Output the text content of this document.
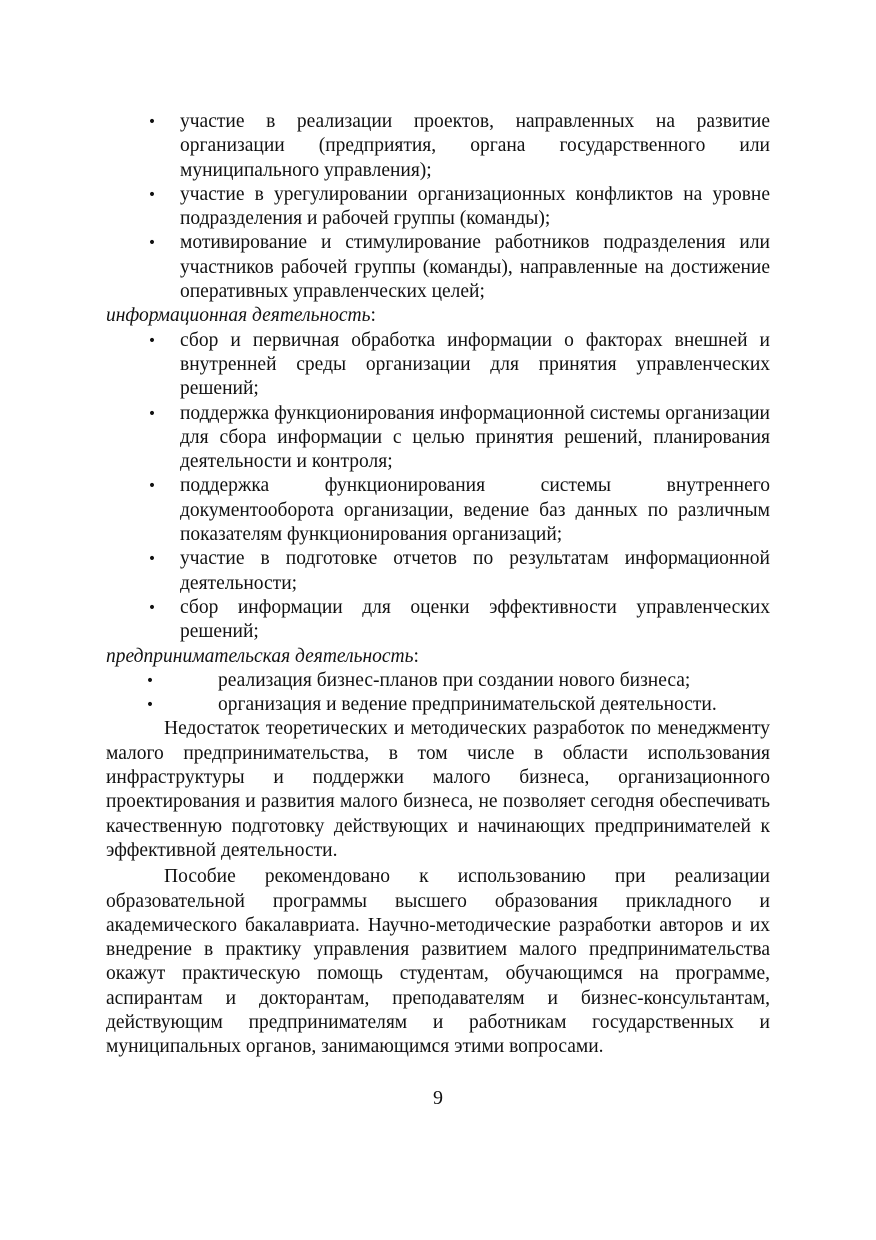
•	участие в реализации проектов, направленных на развитие организации (предприятия, органа государственного или муниципального управления);
•	участие в урегулировании организационных конфликтов на уровне подразделения и рабочей группы (команды);
•	мотивирование и стимулирование работников подразделения или участников рабочей группы (команды), направленные на достижение оперативных управленческих целей;

информационная деятельность:

•	сбор и первичная обработка информации о факторах внешней и внутренней среды организации для принятия управленческих решений;
•	поддержка функционирования информационной системы организации для сбора информации с целью принятия решений, планирования деятельности и контроля;
•	поддержка функционирования системы внутреннего документооборота организации, ведение баз данных по различным показателям функционирования организаций;
•	участие в подготовке отчетов по результатам информационной деятельности;
•	сбор информации для оценки эффективности управленческих решений;

предпринимательская деятельность:

•	реализация бизнес-планов при создании нового бизнеса;
•	организация и ведение предпринимательской деятельности.

Недостаток теоретических и методических разработок по менеджменту малого предпринимательства, в том числе в области использования инфраструктуры и поддержки малого бизнеса, организационного проектирования и развития малого бизнеса, не позволяет сегодня обеспечивать качественную подготовку действующих и начинающих предпринимателей к эффективной деятельности.

Пособие рекомендовано к использованию при реализации образовательной программы высшего образования прикладного и академического бакалавриата. Научно-методические разработки авторов и их внедрение в практику управления развитием малого предпринимательства окажут практическую помощь студентам, обучающимся на программе, аспирантам и докторантам, преподавателям и бизнес-консультантам, действующим предпринимателям и работникам государственных и муниципальных органов, занимающимся этими вопросами.

9
